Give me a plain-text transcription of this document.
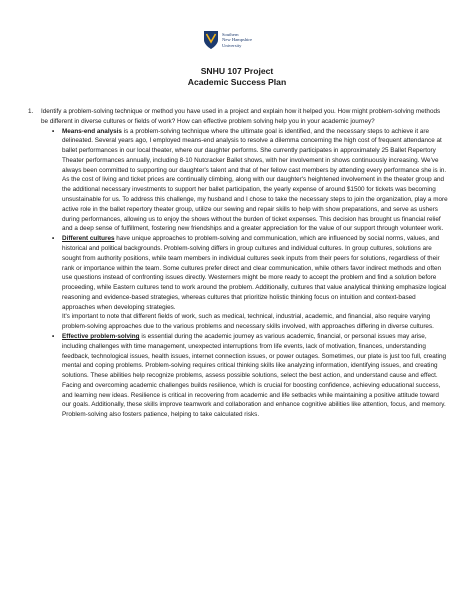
Southern
New Hampshire
University
SNHU 107 Project
Academic Success Plan
1.	Identify a problem-solving technique or method you have used in a project and explain how it helped you. How might problem-solving methods be different in diverse cultures or fields of work? How can effective problem solving help you in your academic journey?
• Means-end analysis is a problem-solving technique where the ultimate goal is identified, and the necessary steps to achieve it are delineated. Several years ago, I employed means-end analysis to resolve a dilemma concerning the high cost of frequent attendance at ballet performances in our local theater, where our daughter performs. She currently participates in approximately 25 Ballet Repertory Theater performances annually, including 8-10 Nutcracker Ballet shows, with her involvement in shows continuously increasing. We've always been committed to supporting our daughter's talent and that of her fellow cast members by attending every performance she is in. As the cost of living and ticket prices are continually climbing, along with our daughter's heightened involvement in the theater group and the additional necessary investments to support her ballet participation, the yearly expense of around $1500 for tickets was becoming unsustainable for us. To address this challenge, my husband and I chose to take the necessary steps to join the organization, play a more active role in the ballet repertory theater group, utilize our sewing and repair skills to help with show preparations, and serve as ushers during performances, allowing us to enjoy the shows without the burden of ticket expenses. This decision has brought us financial relief and a deep sense of fulfillment, fostering new friendships and a greater appreciation for the value of our support through volunteer work.
• Different cultures have unique approaches to problem-solving and communication, which are influenced by social norms, values, and historical and political backgrounds. Problem-solving differs in group cultures and individual cultures. In group cultures, solutions are sought from authority positions, while team members in individual cultures seek inputs from their peers for solutions, regardless of their rank or importance within the team. Some cultures prefer direct and clear communication, while others favor indirect methods and often use questions instead of confronting issues directly. Westerners might be more ready to accept the problem and find a solution before proceeding, while Eastern cultures tend to work around the problem. Additionally, cultures that value analytical thinking emphasize logical reasoning and evidence-based strategies, whereas cultures that prioritize holistic thinking focus on intuition and context-based approaches when developing strategies.
It's important to note that different fields of work, such as medical, technical, industrial, academic, and financial, also require varying problem-solving approaches due to the various problems and necessary skills involved, with approaches differing in diverse cultures.
• Effective problem-solving is essential during the academic journey as various academic, financial, or personal issues may arise, including challenges with time management, unexpected interruptions from life events, lack of motivation, finances, understanding feedback, technological issues, health issues, internet connection issues, or power outages. Sometimes, our plate is just too full, creating mental and coping problems. Problem-solving requires critical thinking skills like analyzing information, identifying issues, and creating solutions. These abilities help recognize problems, assess possible solutions, select the best action, and understand cause and effect. Facing and overcoming academic challenges builds resilience, which is crucial for boosting confidence, achieving educational success, and learning new ideas. Resilience is critical in recovering from academic and life setbacks while maintaining a positive attitude toward our goals. Additionally, these skills improve teamwork and collaboration and enhance cognitive abilities like attention, focus, and memory. Problem-solving also fosters patience, helping to take calculated risks.
